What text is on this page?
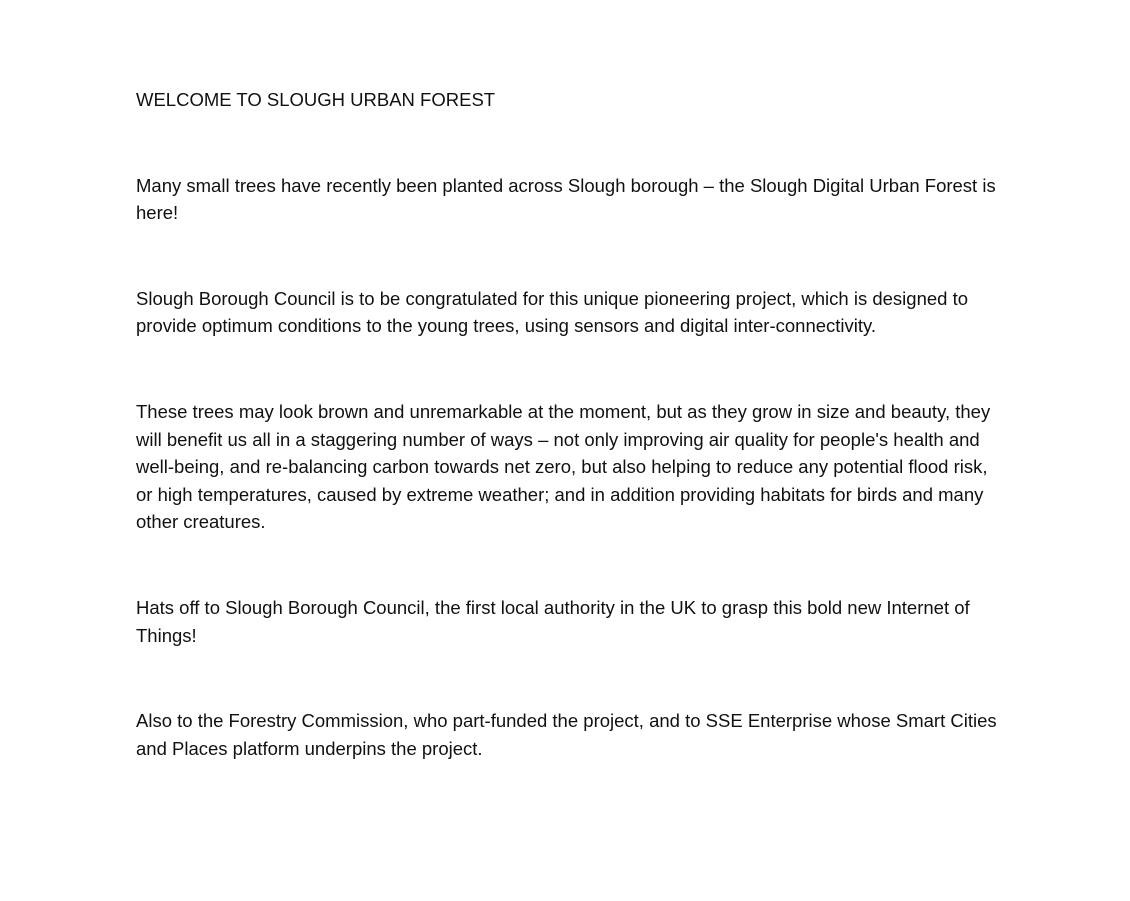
WELCOME TO SLOUGH URBAN FOREST

Many small trees have recently been planted across Slough borough – the Slough Digital Urban Forest is here!

Slough Borough Council is to be congratulated for this unique pioneering project, which is designed to provide optimum conditions to the young trees, using sensors and digital inter-connectivity.

These trees may look brown and unremarkable at the moment, but as they grow in size and beauty, they will benefit us all in a staggering number of ways – not only improving air quality for people's health and well-being, and re-balancing carbon towards net zero, but also helping to reduce any potential flood risk, or high temperatures, caused by extreme weather; and in addition providing habitats for birds and many other creatures.

Hats off to Slough Borough Council, the first local authority in the UK to grasp this bold new Internet of Things!

Also to the Forestry Commission, who part-funded the project, and to SSE Enterprise whose Smart Cities and Places platform underpins the project.
